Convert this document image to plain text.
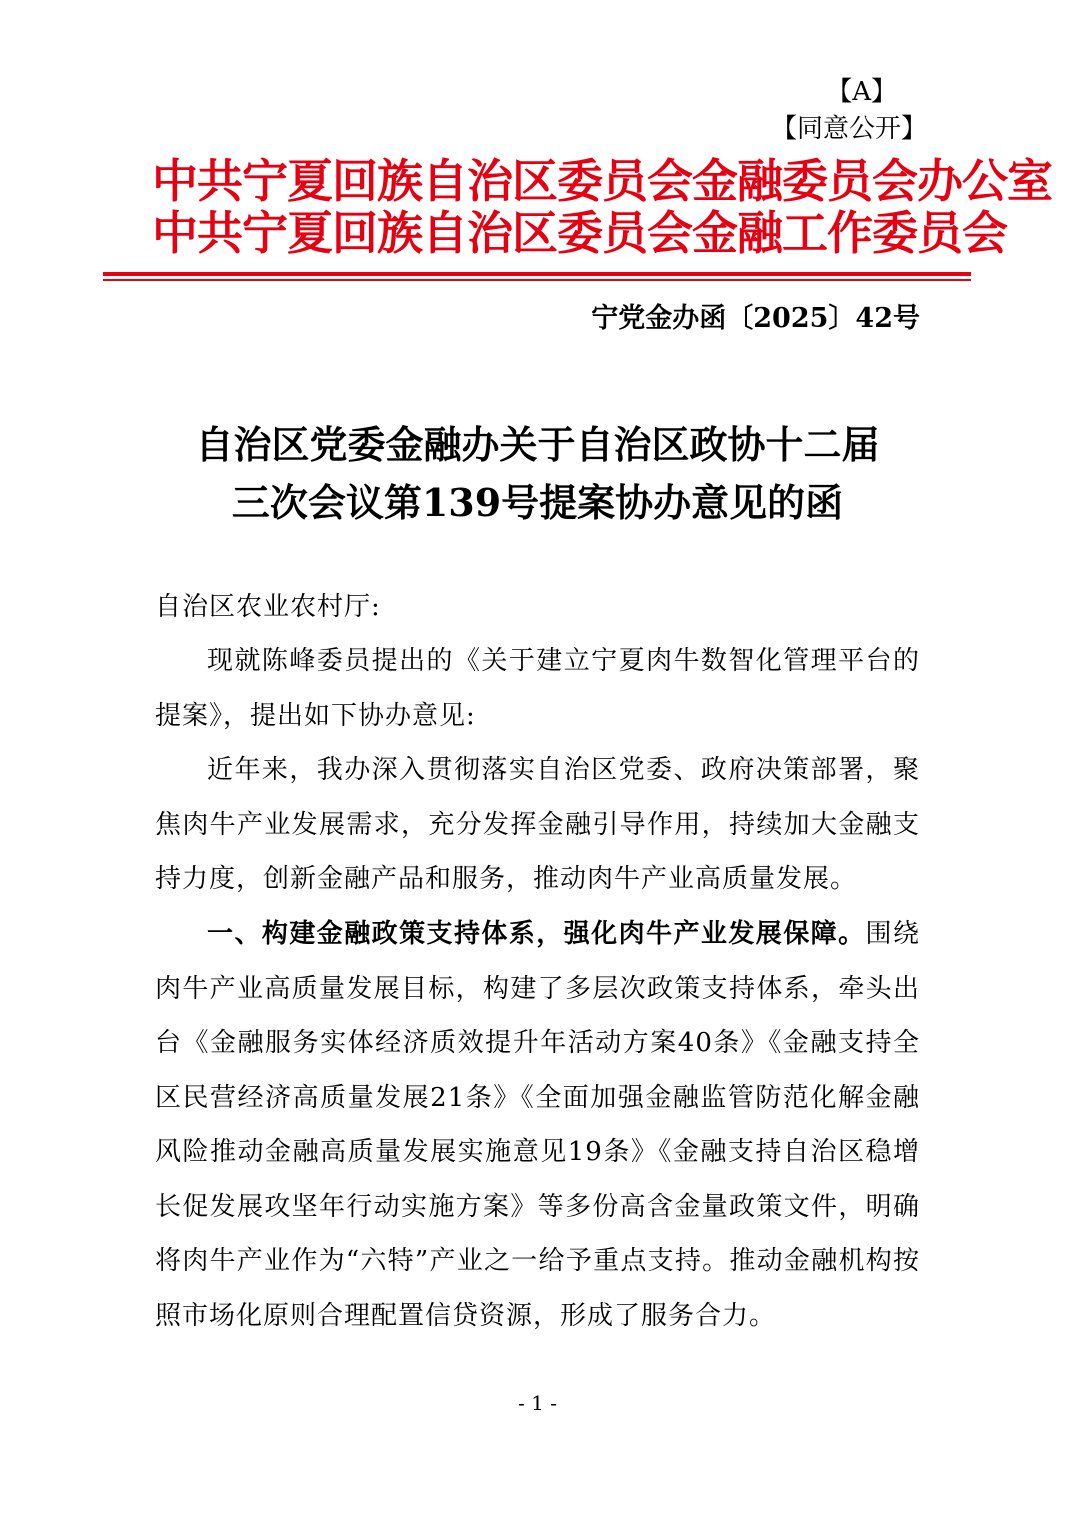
【A】
【同意公开】
中共宁夏回族自治区委员会金融委员会办公室
中共宁夏回族自治区委员会金融工作委员会
宁党金办函〔2025〕42号
自治区党委金融办关于自治区政协十二届
三次会议第139号提案协办意见的函
自治区农业农村厅:

现就陈峰委员提出的《关于建立宁夏肉牛数智化管理平台的提案》，提出如下协办意见:

近年来，我办深入贯彻落实自治区党委、政府决策部署，聚焦肉牛产业发展需求，充分发挥金融引导作用，持续加大金融支持力度，创新金融产品和服务，推动肉牛产业高质量发展。

一、构建金融政策支持体系，强化肉牛产业发展保障。围绕肉牛产业高质量发展目标，构建了多层次政策支持体系，牵头出台《金融服务实体经济质效提升年活动方案40条》《金融支持全区民营经济高质量发展21条》《全面加强金融监管防范化解金融风险推动金融高质量发展实施意见19条》《金融支持自治区稳增长促发展攻坚年行动实施方案》等多份高含金量政策文件，明确将肉牛产业作为“六特”产业之一给予重点支持。推动金融机构按照市场化原则合理配置信贷资源，形成了服务合力。

- 1 -
